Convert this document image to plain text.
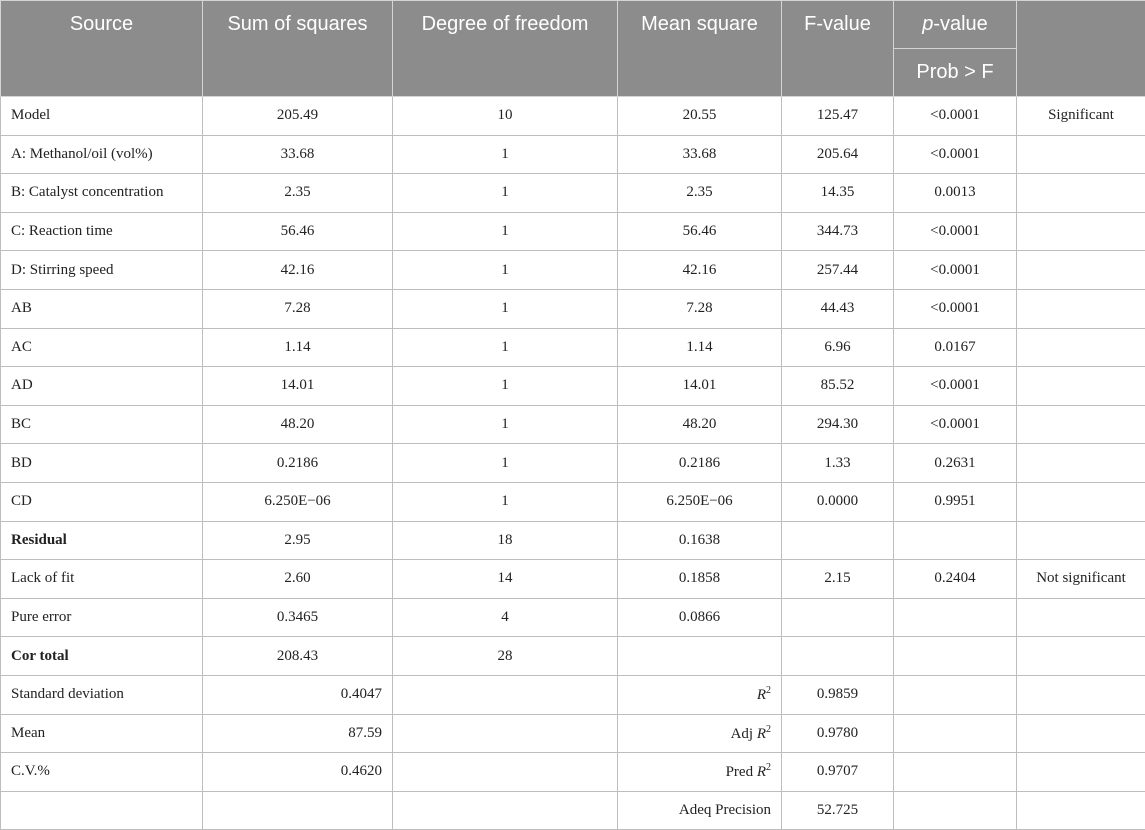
Source	Sum of squares	Degree of freedom	Mean square	F-value	p-value	
					Prob > F	
Model	205.49	10	20.55	125.47	<0.0001	Significant
A: Methanol/oil (vol%)	33.68	1	33.68	205.64	<0.0001	
B: Catalyst concentration	2.35	1	2.35	14.35	0.0013	
C: Reaction time	56.46	1	56.46	344.73	<0.0001	
D: Stirring speed	42.16	1	42.16	257.44	<0.0001	
AB	7.28	1	7.28	44.43	<0.0001	
AC	1.14	1	1.14	6.96	0.0167	
AD	14.01	1	14.01	85.52	<0.0001	
BC	48.20	1	48.20	294.30	<0.0001	
BD	0.2186	1	0.2186	1.33	0.2631	
CD	6.250E−06	1	6.250E−06	0.0000	0.9951	
Residual	2.95	18	0.1638			
Lack of fit	2.60	14	0.1858	2.15	0.2404	Not significant
Pure error	0.3465	4	0.0866			
Cor total	208.43	28				
Standard deviation	0.4047		$R^2$	0.9859		
Mean	87.59		Adj $R^2$	0.9780		
C.V.%	0.4620		Pred $R^2$	0.9707		
			Adeq Precision	52.725		
